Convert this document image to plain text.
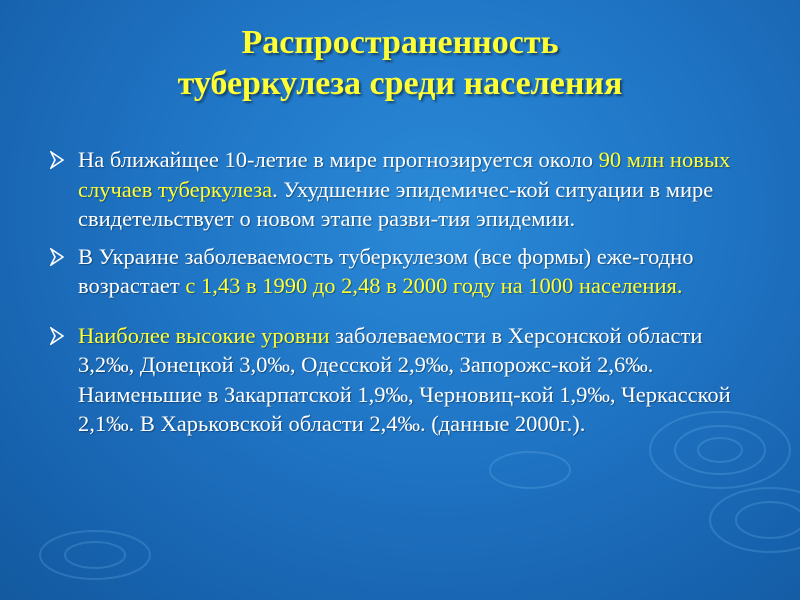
Распространенность
туберкулеза среди населения
На ближайщее 10-летие в мире прогнозируется около 90 млн новых случаев туберкулеза. Ухудшение эпидемичес-кой ситуации в мире свидетельствует о новом этапе разви-тия эпидемии.
В Украине заболеваемость туберкулезом (все формы) еже-годно возрастает с 1,43 в 1990 до 2,48 в 2000 году на 1000 населения.
Наиболее высокие уровни заболеваемости в Херсонской области 3,2‰, Донецкой 3,0‰, Одесской 2,9‰, Запорожс-кой 2,6‰. Наименьшие в Закарпатской 1,9‰, Черновиц-кой 1,9‰, Черкасской 2,1‰. В Харьковской области 2,4‰. (данные 2000г.).
